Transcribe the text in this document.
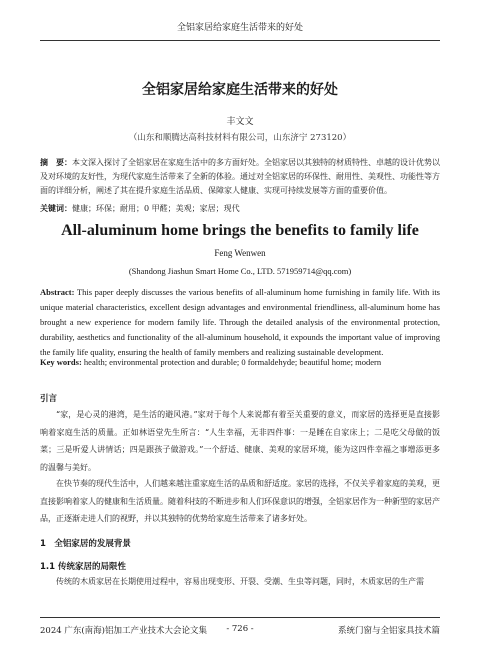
全铝家居给家庭生活带来的好处
全铝家居给家庭生活带来的好处
丰文文
（山东和顺腾达高科技材料有限公司，山东济宁 273120）
摘　要：本文深入探讨了全铝家居在家庭生活中的多方面好处。全铝家居以其独特的材质特性、卓越的设计优势以及对环境的友好性，为现代家庭生活带来了全新的体验。通过对全铝家居的环保性、耐用性、美观性、功能性等方面的详细分析，阐述了其在提升家庭生活品质、保障家人健康、实现可持续发展等方面的重要价值。
关键词：健康；环保；耐用；0 甲醛；美观；家居；现代
All-aluminum home brings the benefits to family life
Feng Wenwen
(Shandong Jiashun Smart Home Co., LTD. 571959714@qq.com)
Abstract: This paper deeply discusses the various benefits of all-aluminum home furnishing in family life. With its unique material characteristics, excellent design advantages and environmental friendliness, all-aluminum home has brought a new experience for modern family life. Through the detailed analysis of the environmental protection, durability, aesthetics and functionality of the all-aluminum household, it expounds the important value of improving the family life quality, ensuring the health of family members and realizing sustainable development.
Key words: health; environmental protection and durable; 0 formaldehyde; beautiful home; modern
引言
“家，是心灵的港湾，是生活的避风港。”家对于每个人来说都有着至关重要的意义，而家居的选择更是直接影响着家庭生活的质量。正如林语堂先生所言：“人生幸福，无非四件事：一是睡在自家床上；二是吃父母做的饭菜；三是听爱人讲情话；四是跟孩子做游戏。”一个舒适、健康、美观的家居环境，能为这四件幸福之事增添更多的温馨与美好。
在快节奏的现代生活中，人们越来越注重家庭生活的品质和舒适度。家居的选择，不仅关乎着家庭的美观，更直接影响着家人的健康和生活质量。随着科技的不断进步和人们环保意识的增强，全铝家居作为一种新型的家居产品，正逐渐走进人们的视野，并以其独特的优势给家庭生活带来了诸多好处。
1　全铝家居的发展背景
1.1 传统家居的局限性
传统的木质家居在长期使用过程中，容易出现变形、开裂、受潮、生虫等问题，同时，木质家居的生产需
2024 广东(南海)铝加工产业技术大会论文集	- 726 -	系统门窗与全铝家具技术篇
